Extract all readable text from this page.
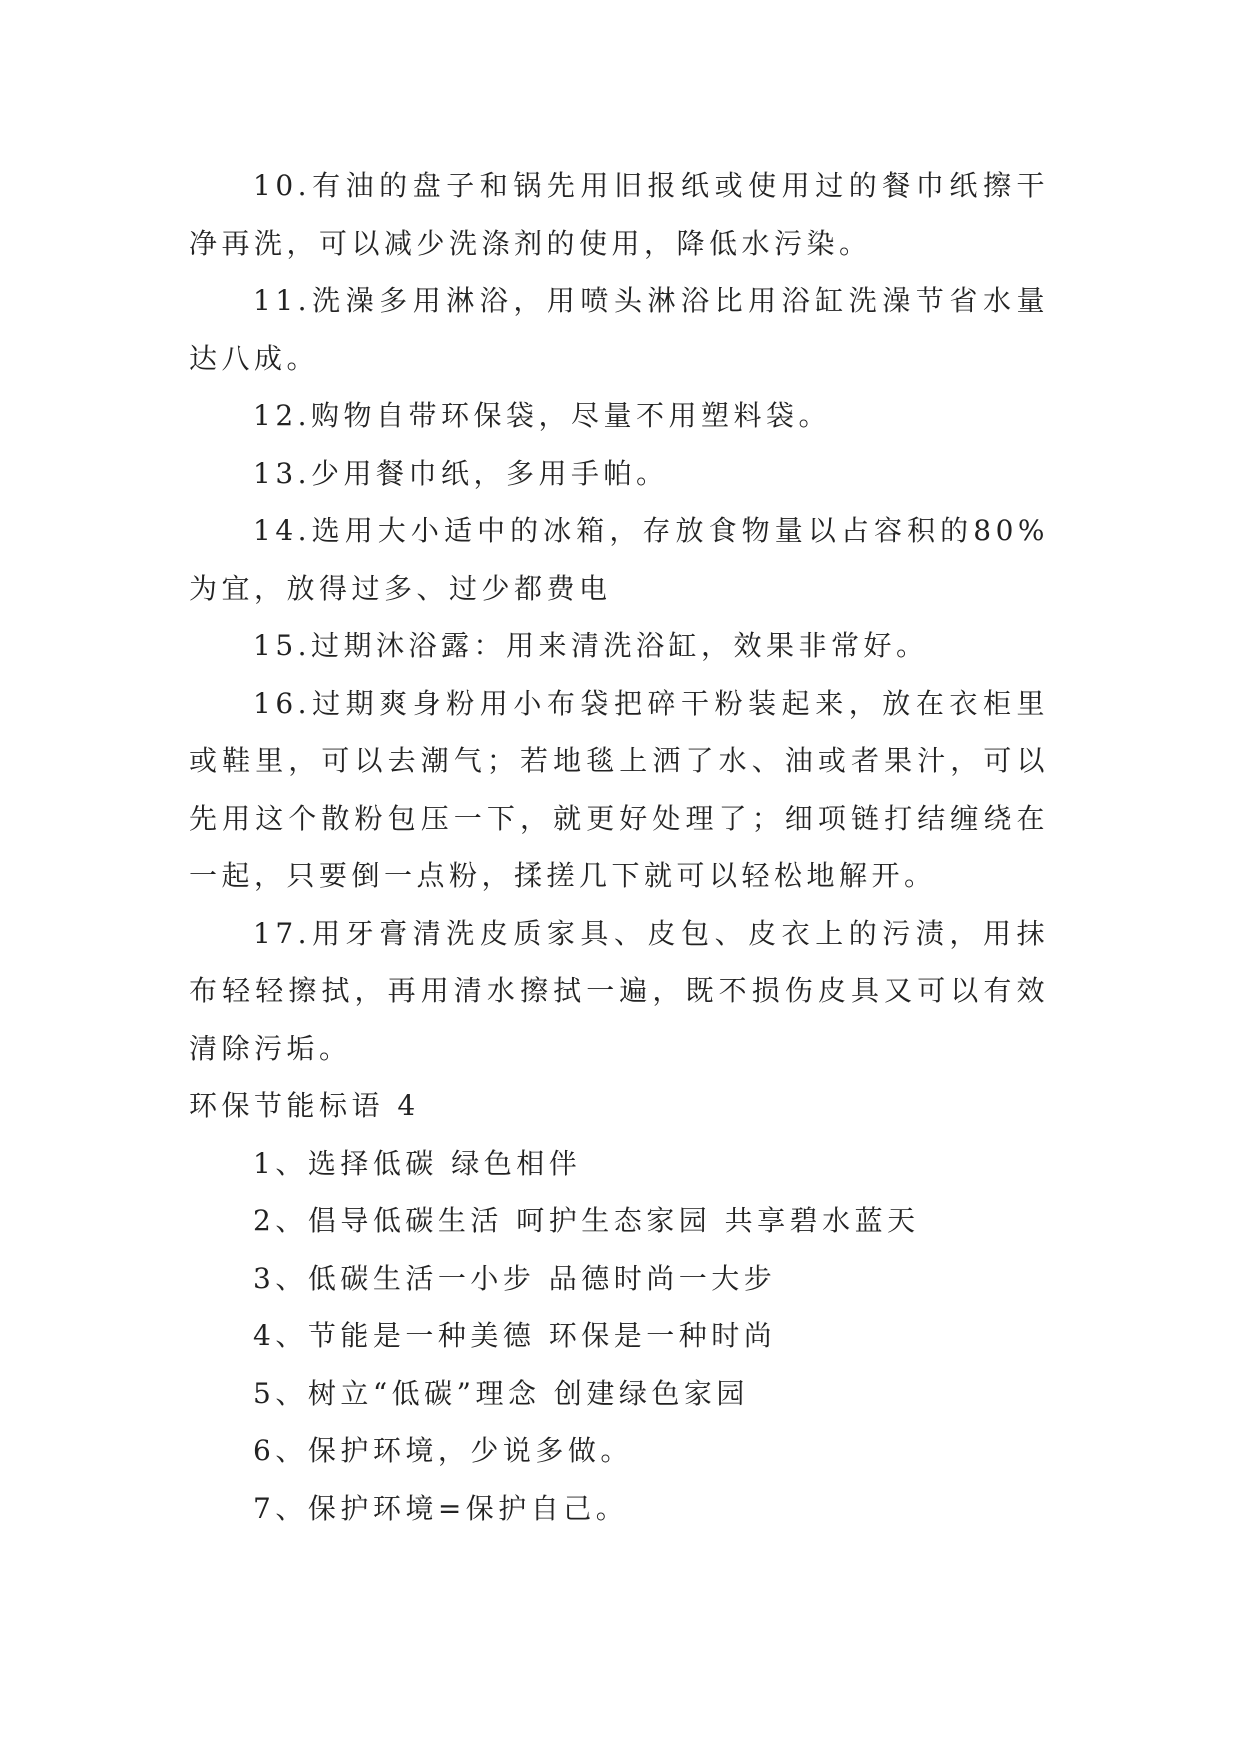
10.有油的盘子和锅先用旧报纸或使用过的餐巾纸擦干净再洗，可以减少洗涤剂的使用，降低水污染。

11.洗澡多用淋浴，用喷头淋浴比用浴缸洗澡节省水量达八成。

12.购物自带环保袋，尽量不用塑料袋。

13.少用餐巾纸，多用手帕。

14.选用大小适中的冰箱，存放食物量以占容积的80%为宜，放得过多、过少都费电

15.过期沐浴露：用来清洗浴缸，效果非常好。

16.过期爽身粉用小布袋把碎干粉装起来，放在衣柜里或鞋里，可以去潮气；若地毯上洒了水、油或者果汁，可以先用这个散粉包压一下，就更好处理了；细项链打结缠绕在一起，只要倒一点粉，揉搓几下就可以轻松地解开。

17.用牙膏清洗皮质家具、皮包、皮衣上的污渍，用抹布轻轻擦拭，再用清水擦拭一遍，既不损伤皮具又可以有效清除污垢。

环保节能标语 4

1、选择低碳 绿色相伴

2、倡导低碳生活 呵护生态家园 共享碧水蓝天

3、低碳生活一小步 品德时尚一大步

4、节能是一种美德 环保是一种时尚

5、树立“低碳”理念 创建绿色家园

6、保护环境，少说多做。

7、保护环境=保护自己。
